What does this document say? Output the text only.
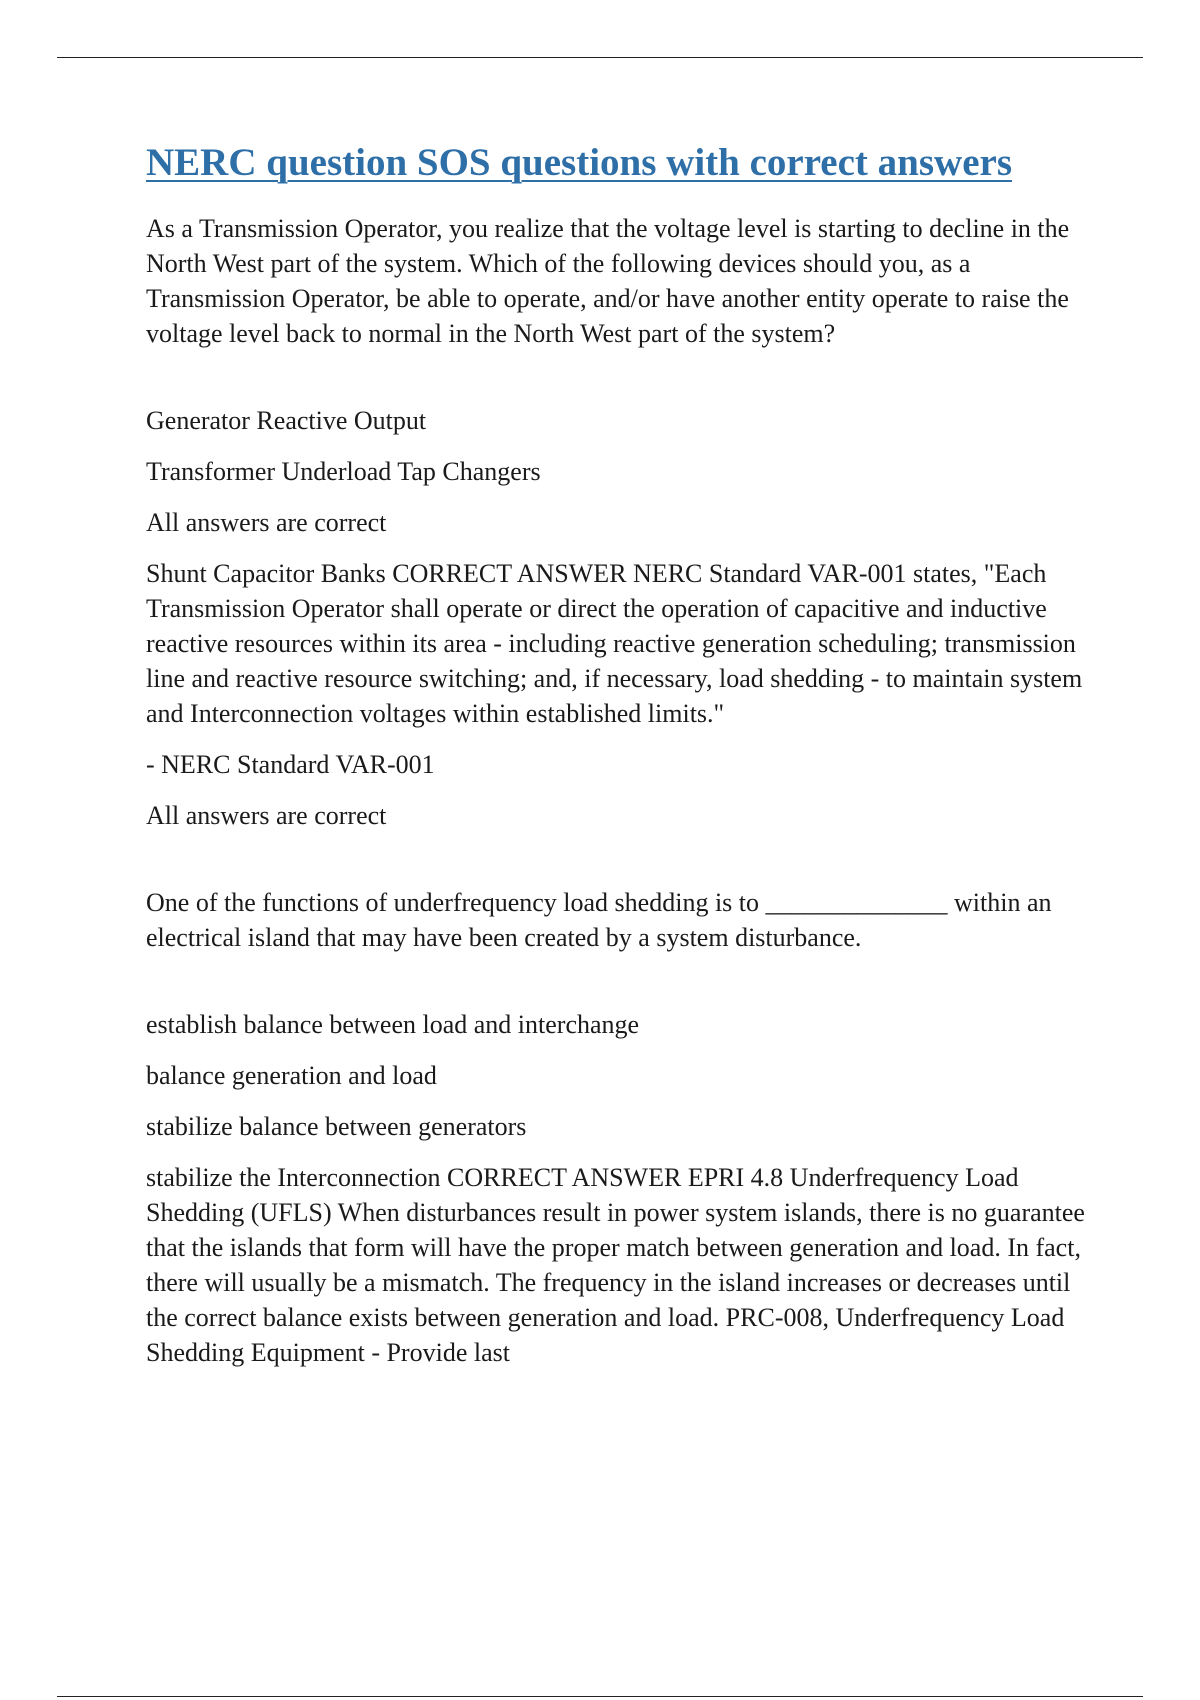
NERC question SOS questions with correct answers

As a Transmission Operator, you realize that the voltage level is starting to decline in the North West part of the system. Which of the following devices should you, as a Transmission Operator, be able to operate, and/or have another entity operate to raise the voltage level back to normal in the North West part of the system?

Generator Reactive Output

Transformer Underload Tap Changers

All answers are correct

Shunt Capacitor Banks CORRECT ANSWER NERC Standard VAR-001 states, "Each Transmission Operator shall operate or direct the operation of capacitive and inductive reactive resources within its area - including reactive generation scheduling; transmission line and reactive resource switching; and, if necessary, load shedding - to maintain system and Interconnection voltages within established limits."

- NERC Standard VAR-001

All answers are correct

One of the functions of underfrequency load shedding is to ______________ within an electrical island that may have been created by a system disturbance.

establish balance between load and interchange

balance generation and load

stabilize balance between generators

stabilize the Interconnection CORRECT ANSWER EPRI 4.8 Underfrequency Load Shedding (UFLS) When disturbances result in power system islands, there is no guarantee that the islands that form will have the proper match between generation and load. In fact, there will usually be a mismatch. The frequency in the island increases or decreases until the correct balance exists between generation and load. PRC-008, Underfrequency Load Shedding Equipment - Provide last
